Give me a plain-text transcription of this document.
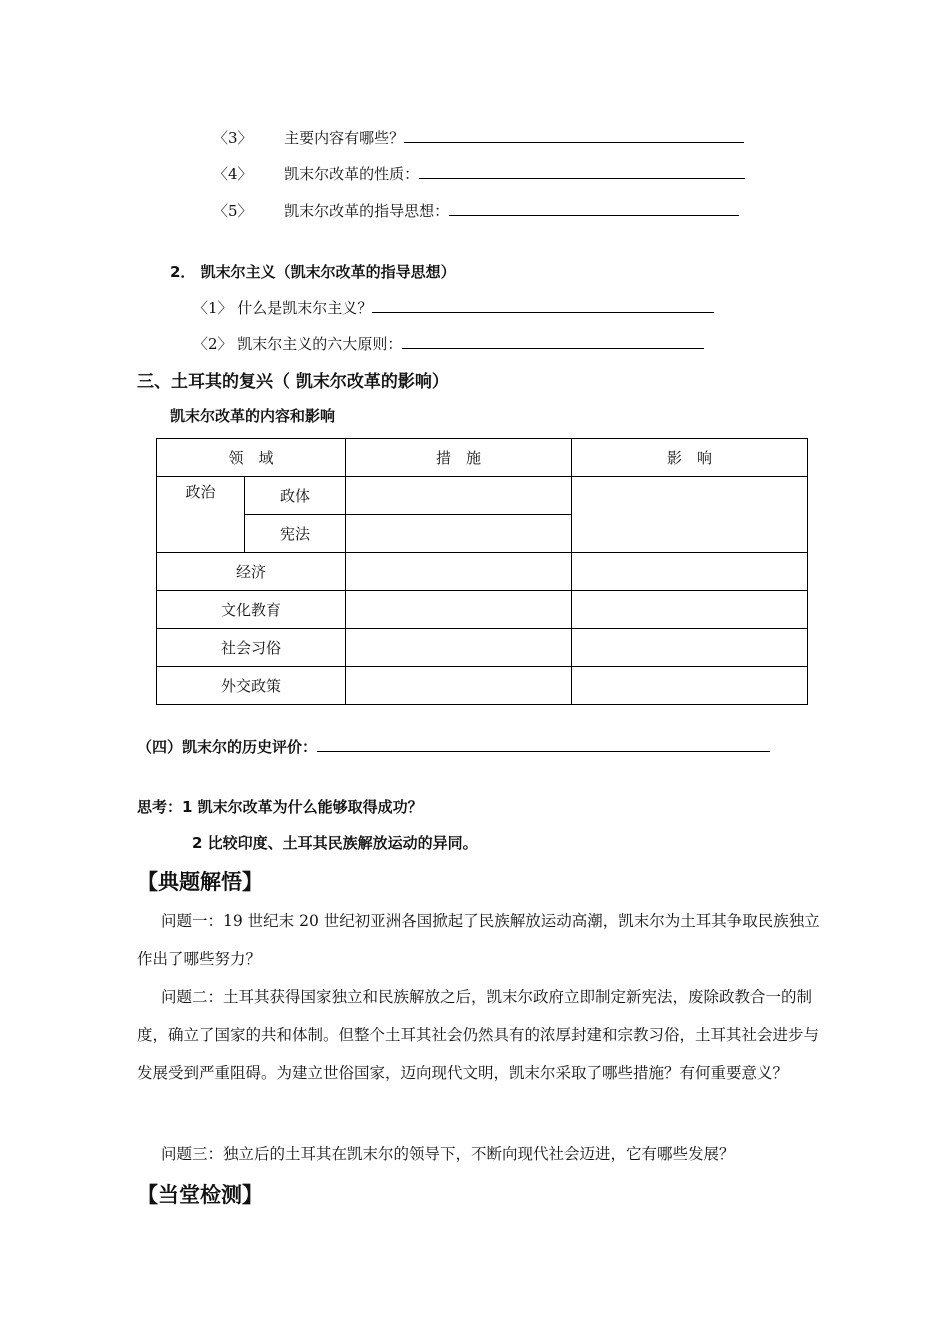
〈3〉 主要内容有哪些？
〈4〉 凯末尔改革的性质：
〈5〉 凯末尔改革的指导思想：
2． 凯末尔主义（凯末尔改革的指导思想）
〈1〉 什么是凯末尔主义？
〈2〉 凯末尔主义的六大原则：
三、土耳其的复兴（ 凯末尔改革的影响）
凯末尔改革的内容和影响
领　域		措　施	影　响
政治	政体		
	宪法		
经济			
文化教育			
社会习俗			
外交政策			
（四）凯末尔的历史评价：
思考：1 凯末尔改革为什么能够取得成功？
2 比较印度、土耳其民族解放运动的异同。
【典题解悟】
问题一：19 世纪末 20 世纪初亚洲各国掀起了民族解放运动高潮，凯末尔为土耳其争取民族独立作出了哪些努力？
问题二：土耳其获得国家独立和民族解放之后，凯末尔政府立即制定新宪法，废除政教合一的制度，确立了国家的共和体制。但整个土耳其社会仍然具有的浓厚封建和宗教习俗，土耳其社会进步与发展受到严重阻碍。为建立世俗国家，迈向现代文明，凯末尔采取了哪些措施？有何重要意义？
问题三：独立后的土耳其在凯末尔的领导下，不断向现代社会迈进，它有哪些发展？
【当堂检测】
